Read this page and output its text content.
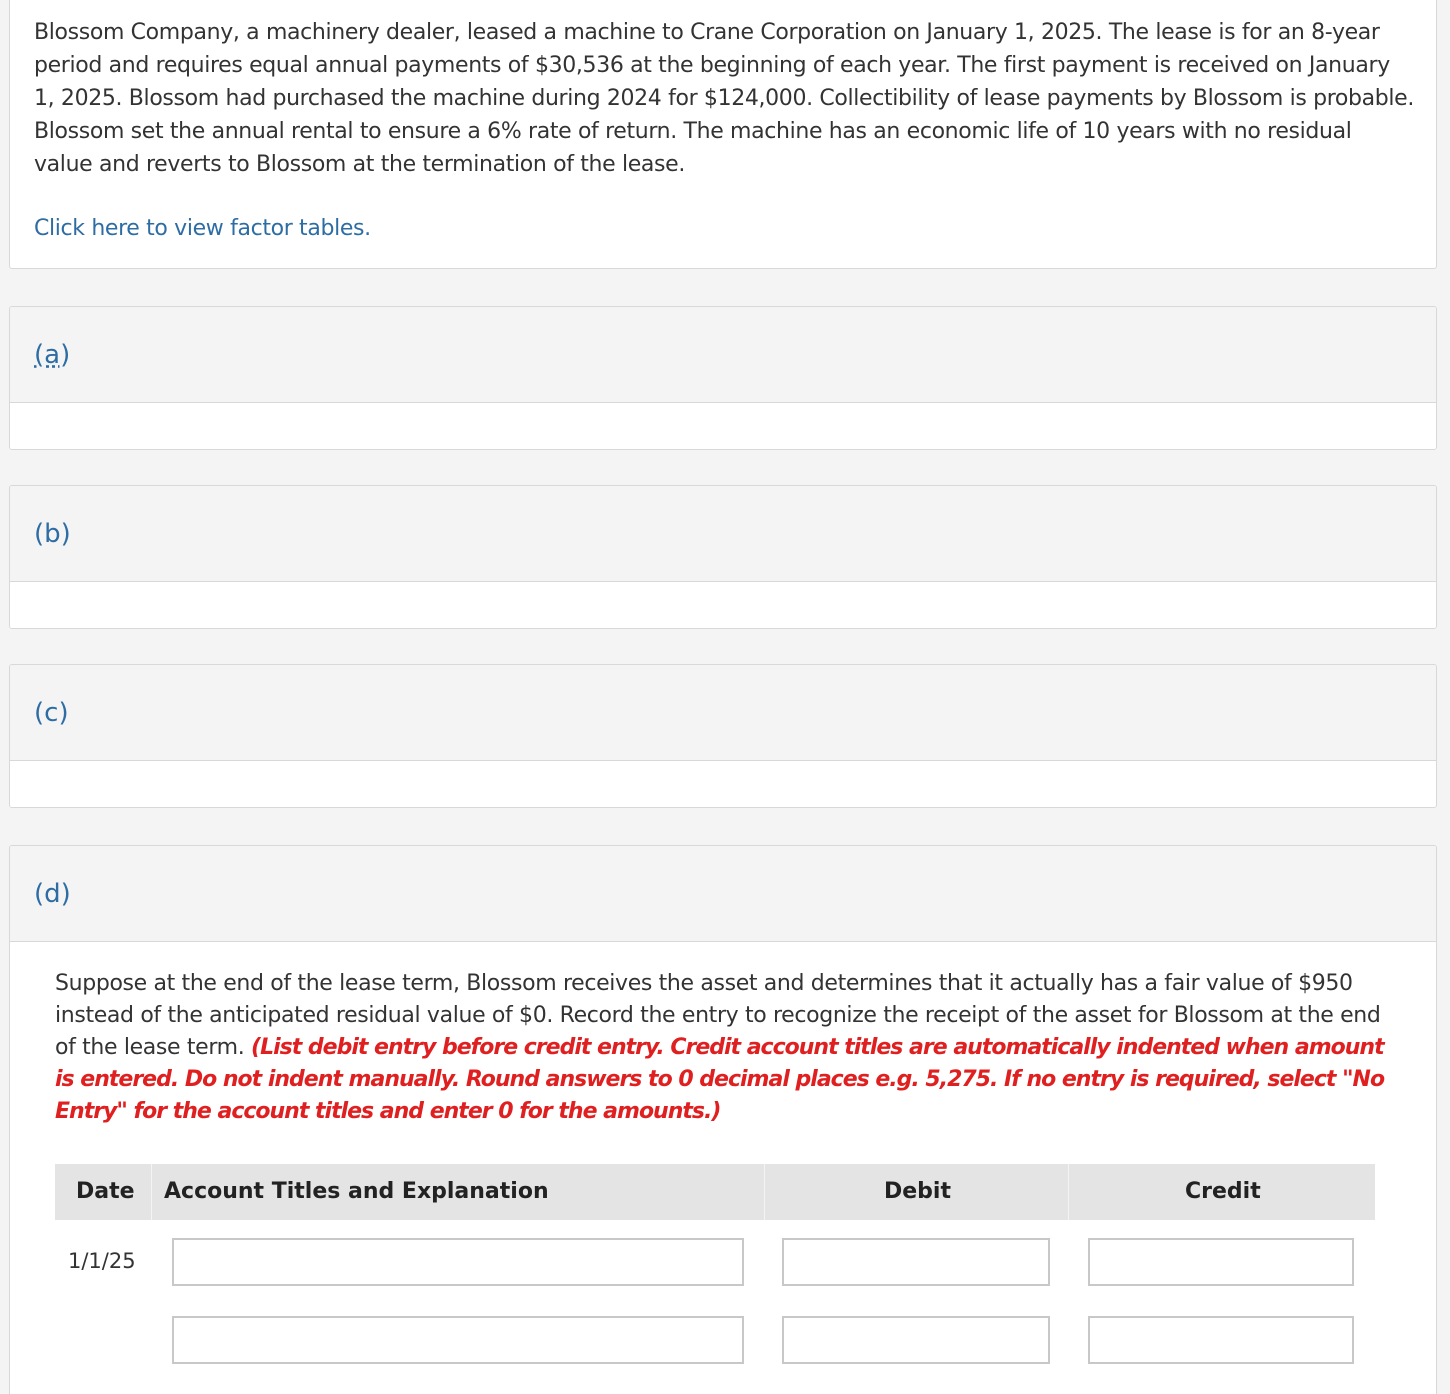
Blossom Company, a machinery dealer, leased a machine to Crane Corporation on January 1, 2025. The lease is for an 8-year period and requires equal annual payments of $30,536 at the beginning of each year. The first payment is received on January 1, 2025. Blossom had purchased the machine during 2024 for $124,000. Collectibility of lease payments by Blossom is probable. Blossom set the annual rental to ensure a 6% rate of return. The machine has an economic life of 10 years with no residual value and reverts to Blossom at the termination of the lease.

Click here to view factor tables.
(a)
(b)
(c)
(d)

Suppose at the end of the lease term, Blossom receives the asset and determines that it actually has a fair value of $950 instead of the anticipated residual value of $0. Record the entry to recognize the receipt of the asset for Blossom at the end of the lease term. (List debit entry before credit entry. Credit account titles are automatically indented when amount is entered. Do not indent manually. Round answers to 0 decimal places e.g. 5,275. If no entry is required, select "No Entry" for the account titles and enter 0 for the amounts.)

Date Account Titles and Explanation	Debit	Credit
1/1/25
